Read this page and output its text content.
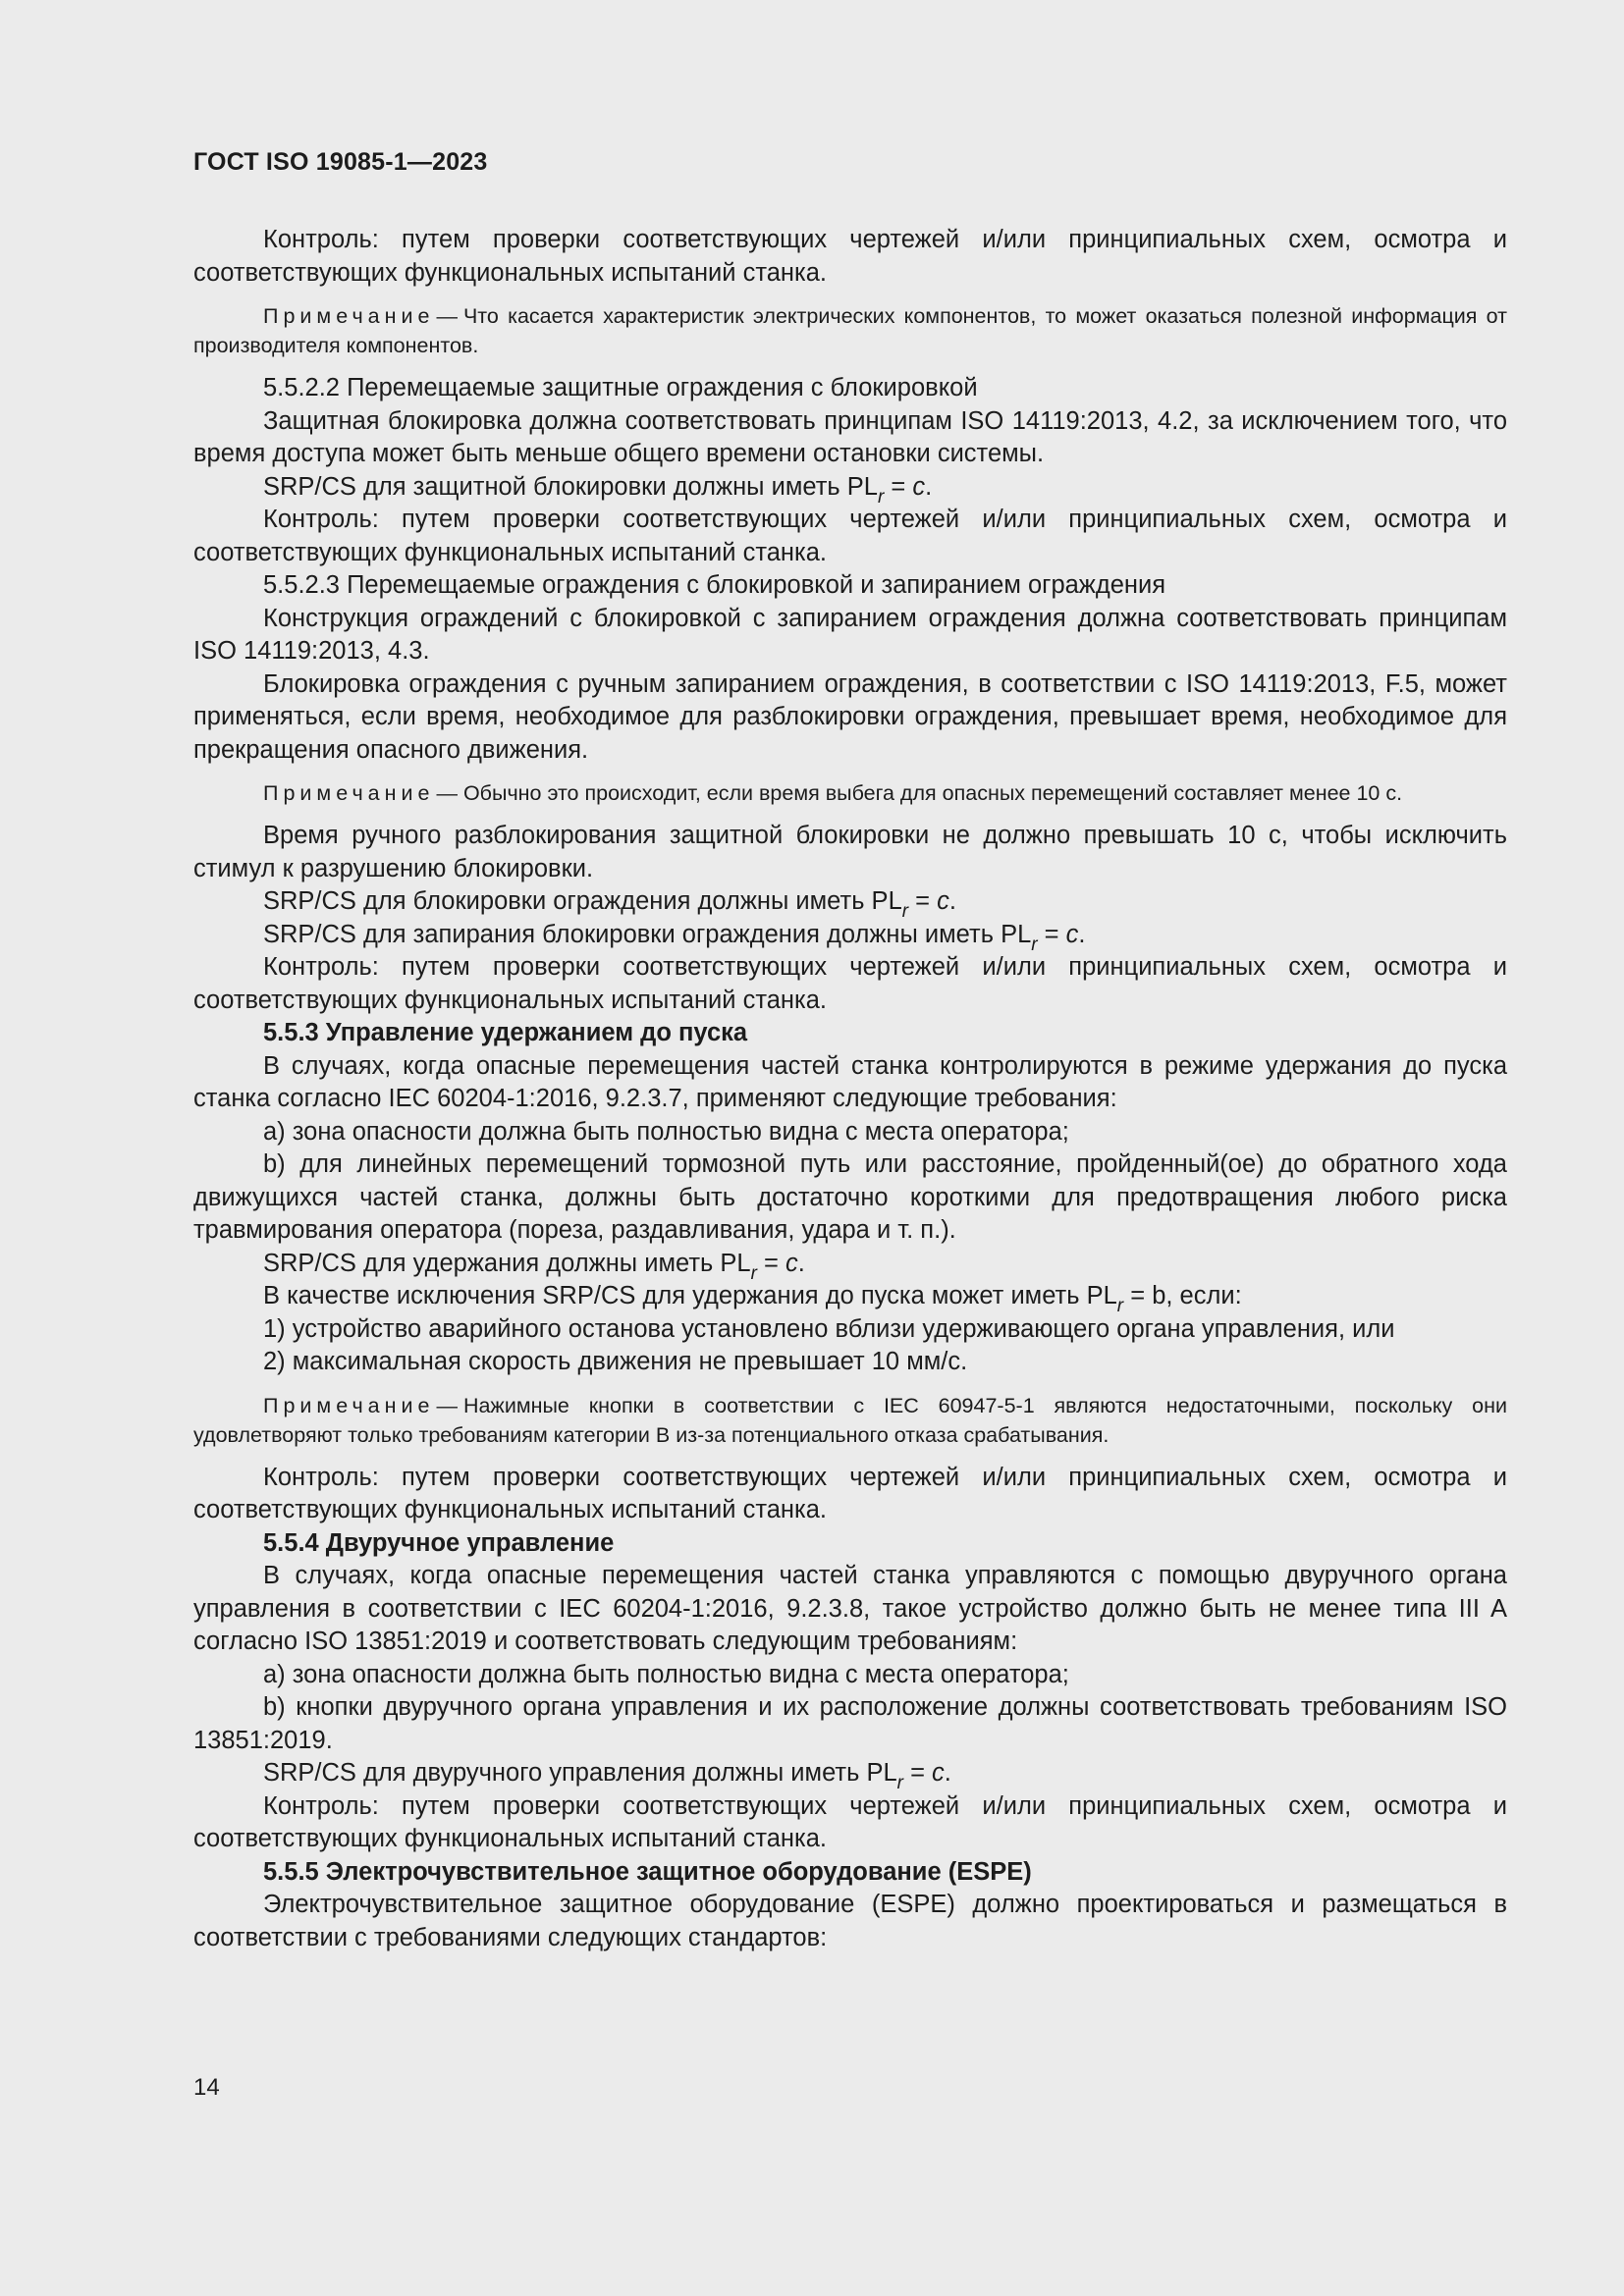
ГОСТ ISO 19085-1—2023

Контроль: путем проверки соответствующих чертежей и/или принципиальных схем, осмотра и соответствующих функциональных испытаний станка.

Примечание— Что касается характеристик электрических компонентов, то может оказаться полезной информация от производителя компонентов.

5.5.2.2 Перемещаемые защитные ограждения с блокировкой

Защитная блокировка должна соответствовать принципам ISO 14119:2013, 4.2, за исключением того, что время доступа может быть меньше общего времени остановки системы.

SRP/CS для защитной блокировки должны иметь $PL_r = c$.

Контроль: путем проверки соответствующих чертежей и/или принципиальных схем, осмотра и соответствующих функциональных испытаний станка.

5.5.2.3 Перемещаемые ограждения с блокировкой и запиранием ограждения

Конструкция ограждений с блокировкой с запиранием ограждения должна соответствовать принципам ISO 14119:2013, 4.3.

Блокировка ограждения с ручным запиранием ограждения, в соответствии с ISO 14119:2013, F.5, может применяться, если время, необходимое для разблокировки ограждения, превышает время, необходимое для прекращения опасного движения.

Примечание— Обычно это происходит, если время выбега для опасных перемещений составляет менее 10 с.

Время ручного разблокирования защитной блокировки не должно превышать 10 с, чтобы исключить стимул к разрушению блокировки.

SRP/CS для блокировки ограждения должны иметь $PL_r = c$.

SRP/CS для запирания блокировки ограждения должны иметь $PL_r = c$.

Контроль: путем проверки соответствующих чертежей и/или принципиальных схем, осмотра и соответствующих функциональных испытаний станка.

5.5.3 Управление удержанием до пуска

В случаях, когда опасные перемещения частей станка контролируются в режиме удержания до пуска станка согласно IEC 60204-1:2016, 9.2.3.7, применяют следующие требования:

a) зона опасности должна быть полностью видна с места оператора;

b) для линейных перемещений тормозной путь или расстояние, пройденный(ое) до обратного хода движущихся частей станка, должны быть достаточно короткими для предотвращения любого риска травмирования оператора (пореза, раздавливания, удара и т. п.).

SRP/CS для удержания должны иметь $PL_r = c$.

В качестве исключения SRP/CS для удержания до пуска может иметь $PL_r = b$, если:

1) устройство аварийного останова установлено вблизи удерживающего органа управления, или

2) максимальная скорость движения не превышает 10 мм/с.

Примечание— Нажимные кнопки в соответствии с IEC 60947-5-1 являются недостаточными, поскольку они удовлетворяют только требованиям категории B из-за потенциального отказа срабатывания.

Контроль: путем проверки соответствующих чертежей и/или принципиальных схем, осмотра и соответствующих функциональных испытаний станка.

5.5.4 Двуручное управление

В случаях, когда опасные перемещения частей станка управляются с помощью двуручного органа управления в соответствии с IEC 60204-1:2016, 9.2.3.8, такое устройство должно быть не менее типа III A согласно ISO 13851:2019 и соответствовать следующим требованиям:

a) зона опасности должна быть полностью видна с места оператора;

b) кнопки двуручного органа управления и их расположение должны соответствовать требованиям ISO 13851:2019.

SRP/CS для двуручного управления должны иметь $PL_r = c$.

Контроль: путем проверки соответствующих чертежей и/или принципиальных схем, осмотра и соответствующих функциональных испытаний станка.

5.5.5 Электрочувствительное защитное оборудование (ESPE)

Электрочувствительное защитное оборудование (ESPE) должно проектироваться и размещаться в соответствии с требованиями следующих стандартов:

14
